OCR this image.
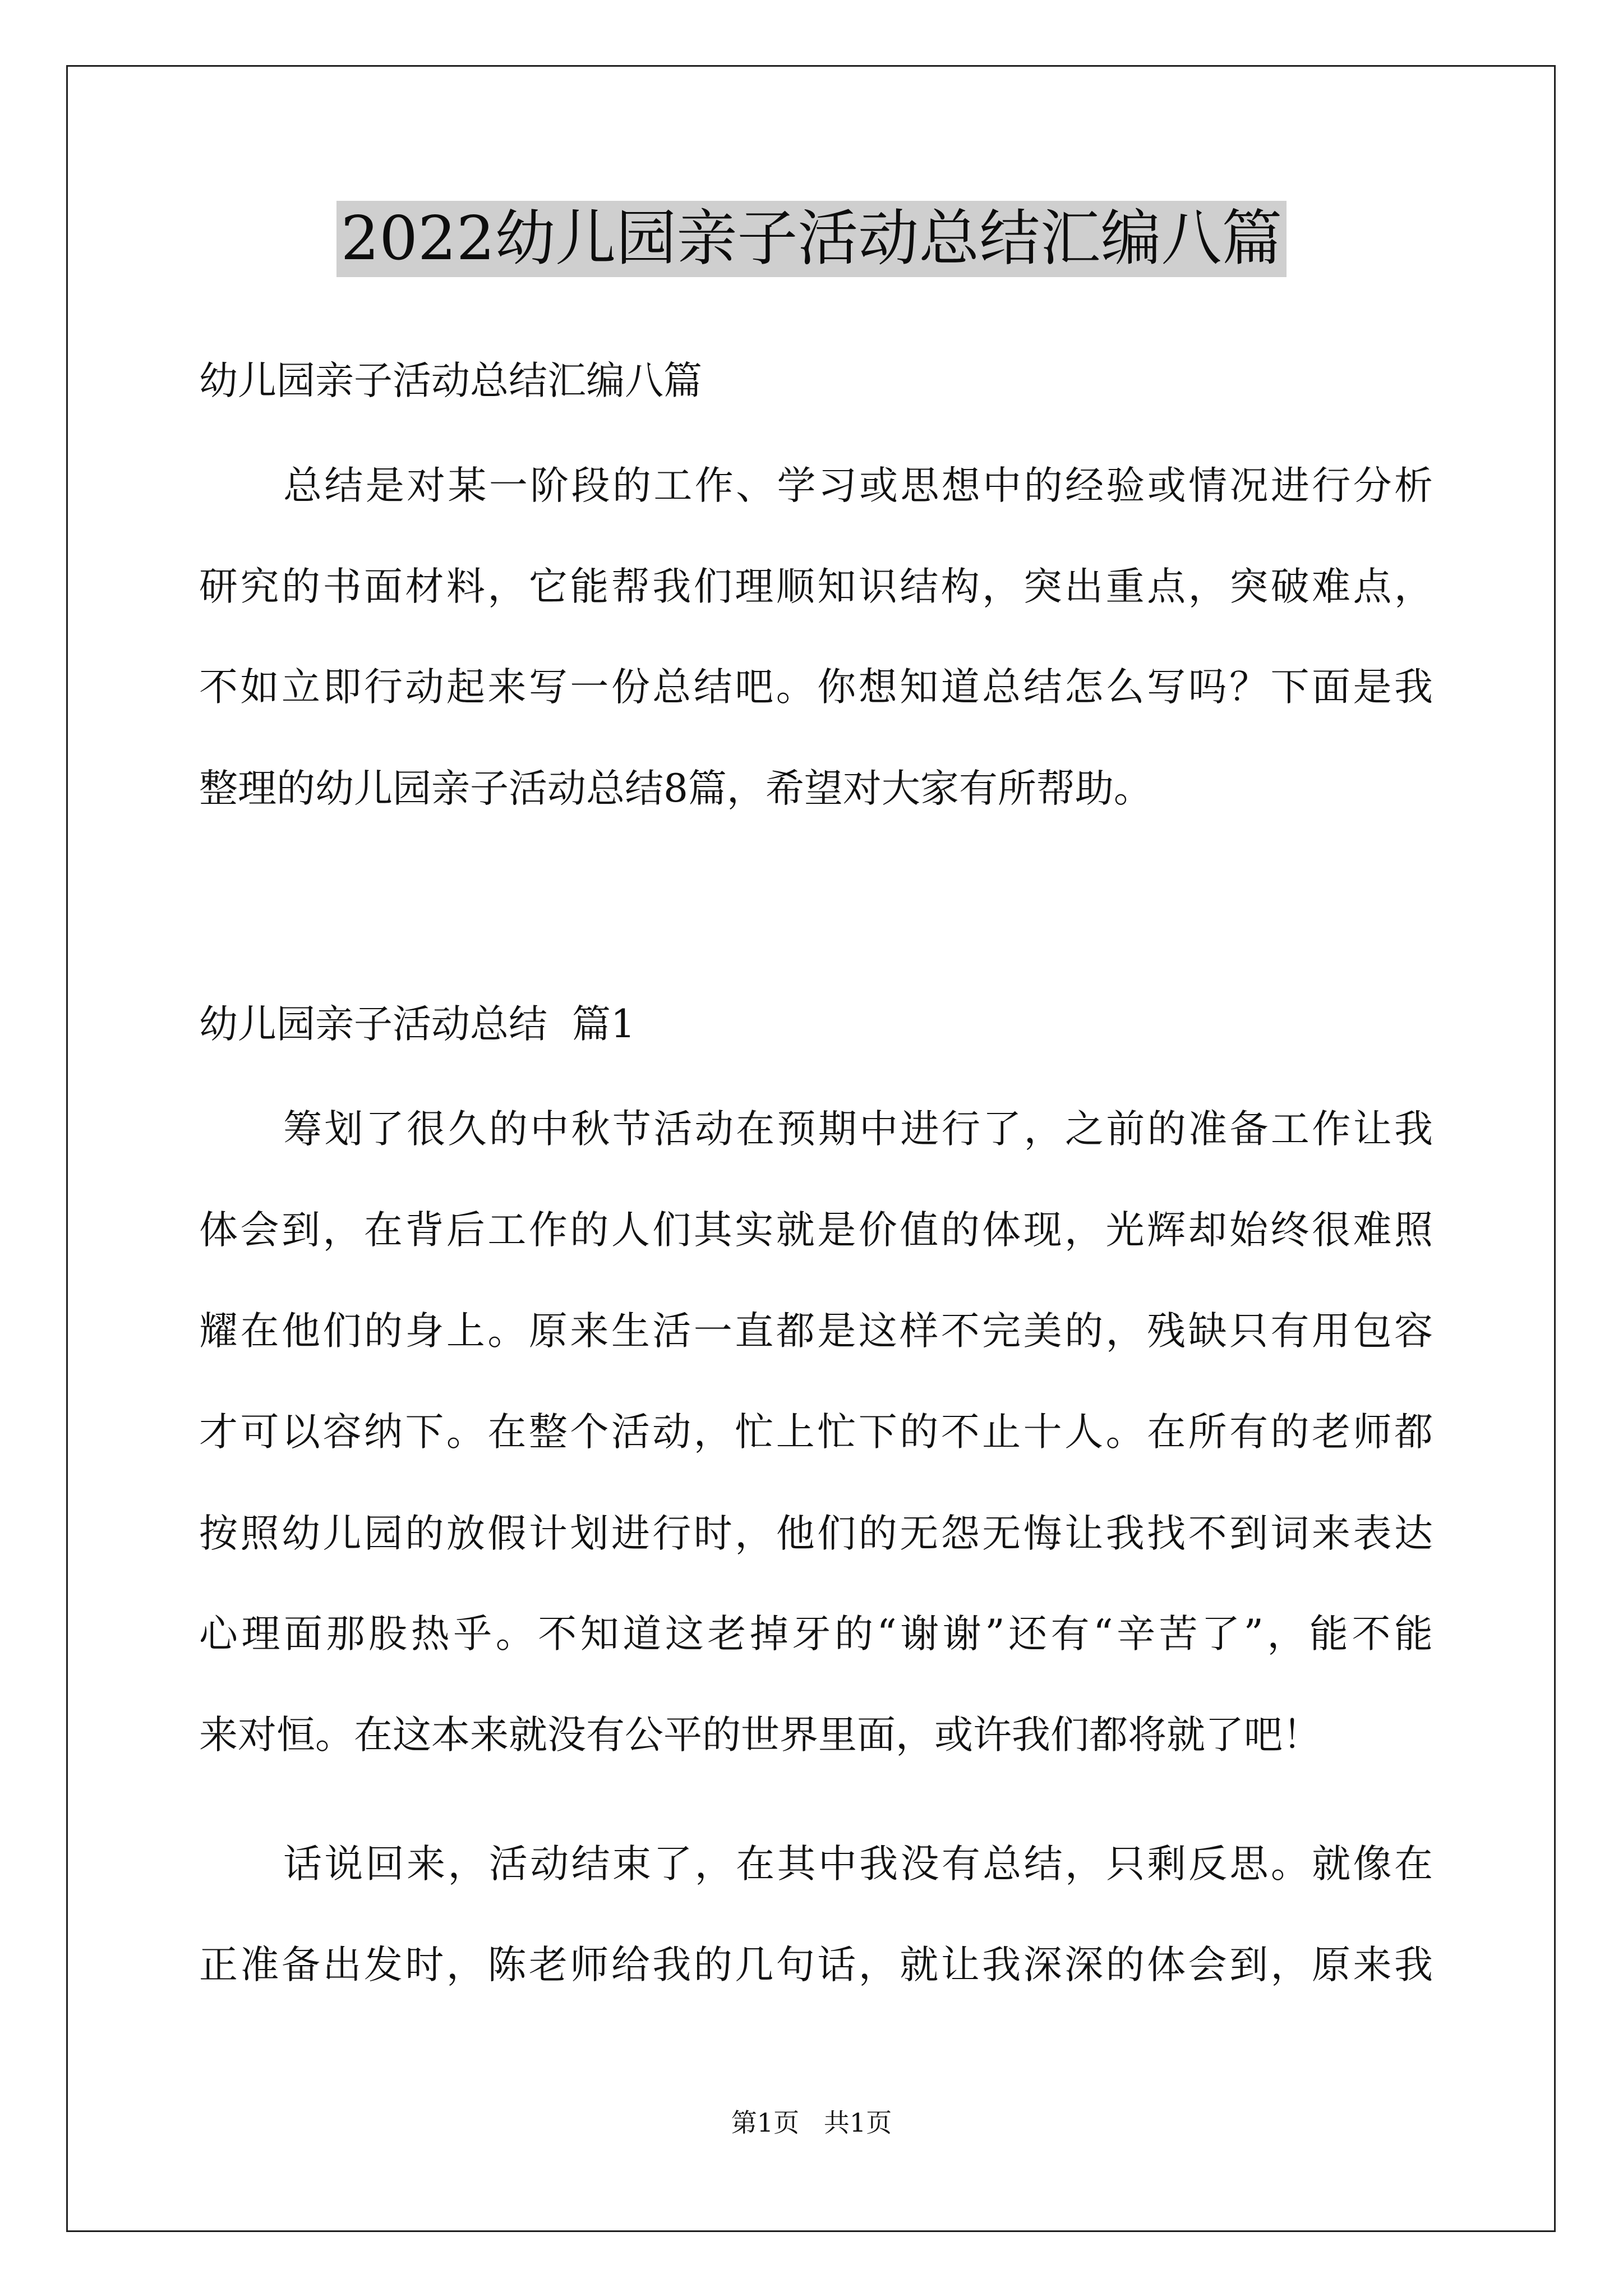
2022幼儿园亲子活动总结汇编八篇
幼儿园亲子活动总结汇编八篇
总结是对某一阶段的工作、学习或思想中的经验或情况进行分析
研究的书面材料，它能帮我们理顺知识结构，突出重点，突破难点，
不如立即行动起来写一份总结吧。你想知道总结怎么写吗？下面是我
整理的幼儿园亲子活动总结8篇，希望对大家有所帮助。
幼儿园亲子活动总结  篇1
筹划了很久的中秋节活动在预期中进行了，之前的准备工作让我
体会到，在背后工作的人们其实就是价值的体现，光辉却始终很难照
耀在他们的身上。原来生活一直都是这样不完美的，残缺只有用包容
才可以容纳下。在整个活动，忙上忙下的不止十人。在所有的老师都
按照幼儿园的放假计划进行时，他们的无怨无悔让我找不到词来表达
心理面那股热乎。不知道这老掉牙的“谢谢”还有“辛苦了”，能不能
来对恒。在这本来就没有公平的世界里面，或许我们都将就了吧！
话说回来，活动结束了，在其中我没有总结，只剩反思。就像在
正准备出发时，陈老师给我的几句话，就让我深深的体会到，原来我
第1页   共1页
